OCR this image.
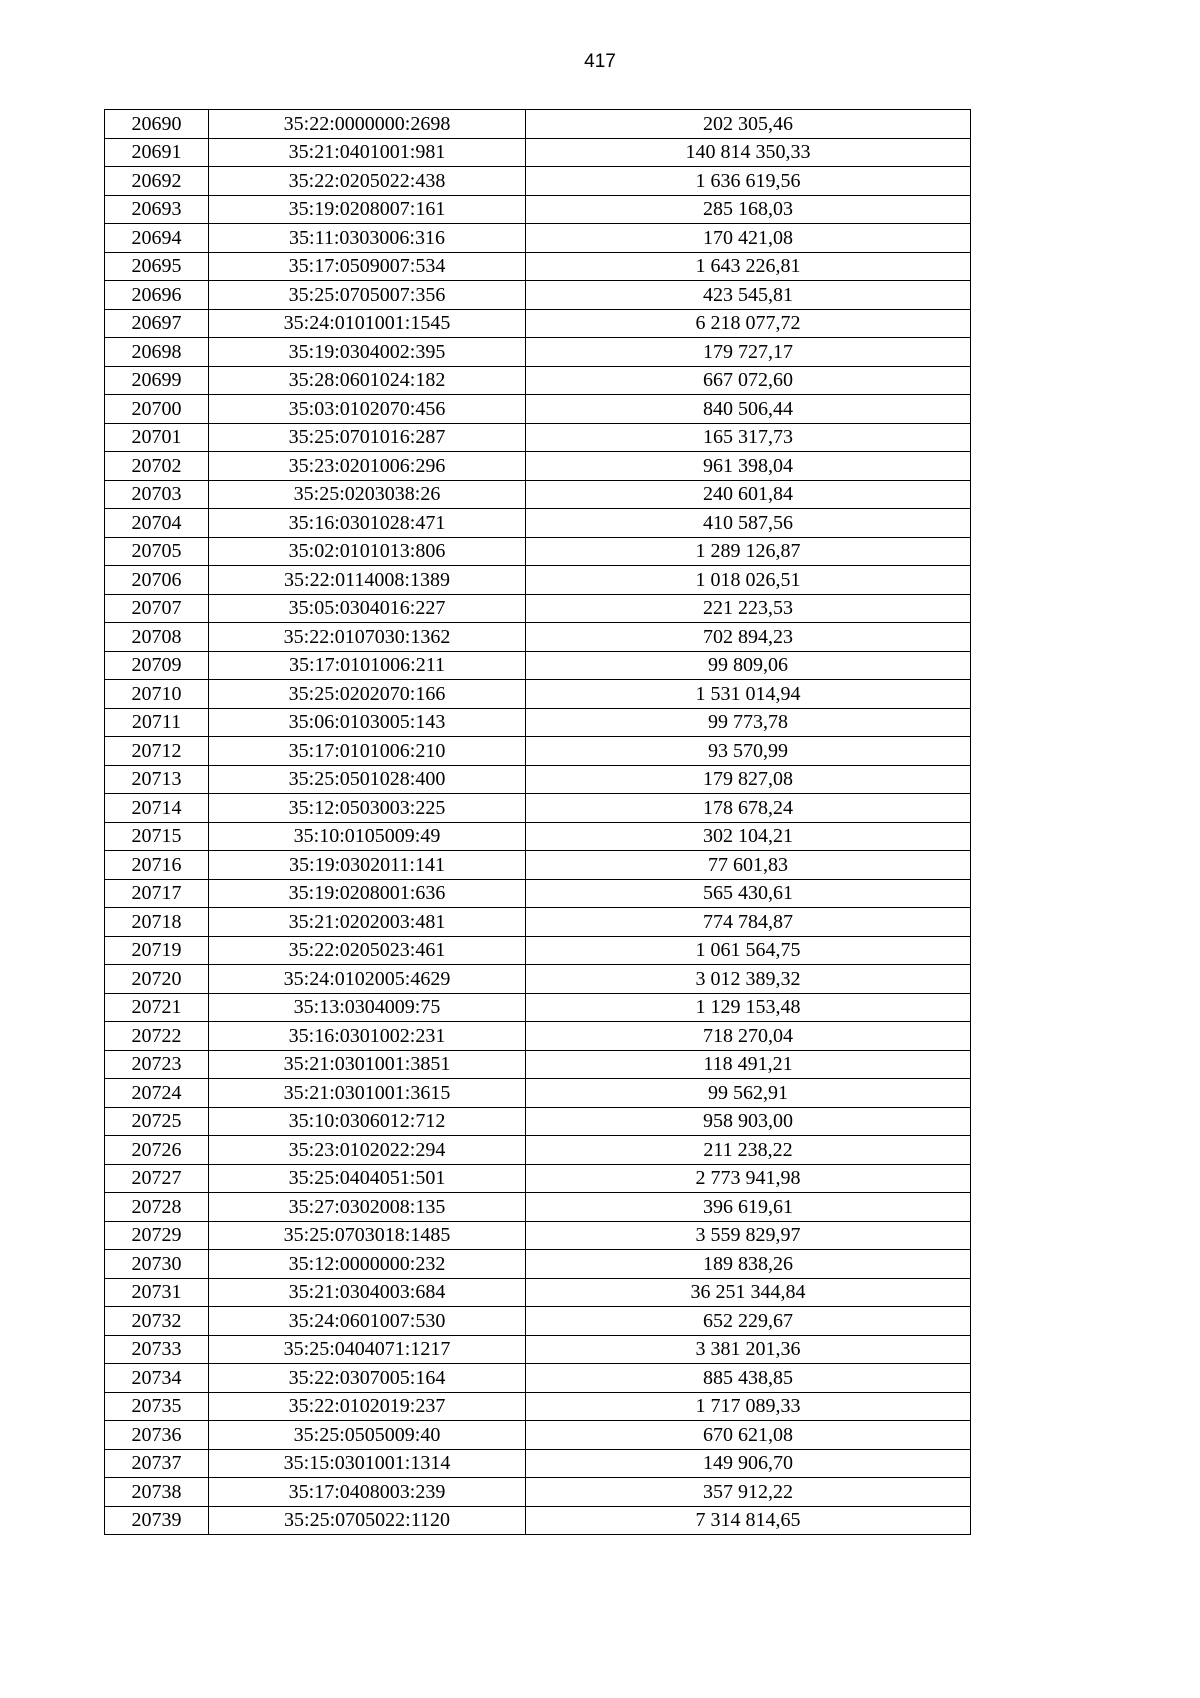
417
20690	35:22:0000000:2698	202 305,46
20691	35:21:0401001:981	140 814 350,33
20692	35:22:0205022:438	1 636 619,56
20693	35:19:0208007:161	285 168,03
20694	35:11:0303006:316	170 421,08
20695	35:17:0509007:534	1 643 226,81
20696	35:25:0705007:356	423 545,81
20697	35:24:0101001:1545	6 218 077,72
20698	35:19:0304002:395	179 727,17
20699	35:28:0601024:182	667 072,60
20700	35:03:0102070:456	840 506,44
20701	35:25:0701016:287	165 317,73
20702	35:23:0201006:296	961 398,04
20703	35:25:0203038:26	240 601,84
20704	35:16:0301028:471	410 587,56
20705	35:02:0101013:806	1 289 126,87
20706	35:22:0114008:1389	1 018 026,51
20707	35:05:0304016:227	221 223,53
20708	35:22:0107030:1362	702 894,23
20709	35:17:0101006:211	99 809,06
20710	35:25:0202070:166	1 531 014,94
20711	35:06:0103005:143	99 773,78
20712	35:17:0101006:210	93 570,99
20713	35:25:0501028:400	179 827,08
20714	35:12:0503003:225	178 678,24
20715	35:10:0105009:49	302 104,21
20716	35:19:0302011:141	77 601,83
20717	35:19:0208001:636	565 430,61
20718	35:21:0202003:481	774 784,87
20719	35:22:0205023:461	1 061 564,75
20720	35:24:0102005:4629	3 012 389,32
20721	35:13:0304009:75	1 129 153,48
20722	35:16:0301002:231	718 270,04
20723	35:21:0301001:3851	118 491,21
20724	35:21:0301001:3615	99 562,91
20725	35:10:0306012:712	958 903,00
20726	35:23:0102022:294	211 238,22
20727	35:25:0404051:501	2 773 941,98
20728	35:27:0302008:135	396 619,61
20729	35:25:0703018:1485	3 559 829,97
20730	35:12:0000000:232	189 838,26
20731	35:21:0304003:684	36 251 344,84
20732	35:24:0601007:530	652 229,67
20733	35:25:0404071:1217	3 381 201,36
20734	35:22:0307005:164	885 438,85
20735	35:22:0102019:237	1 717 089,33
20736	35:25:0505009:40	670 621,08
20737	35:15:0301001:1314	149 906,70
20738	35:17:0408003:239	357 912,22
20739	35:25:0705022:1120	7 314 814,65
